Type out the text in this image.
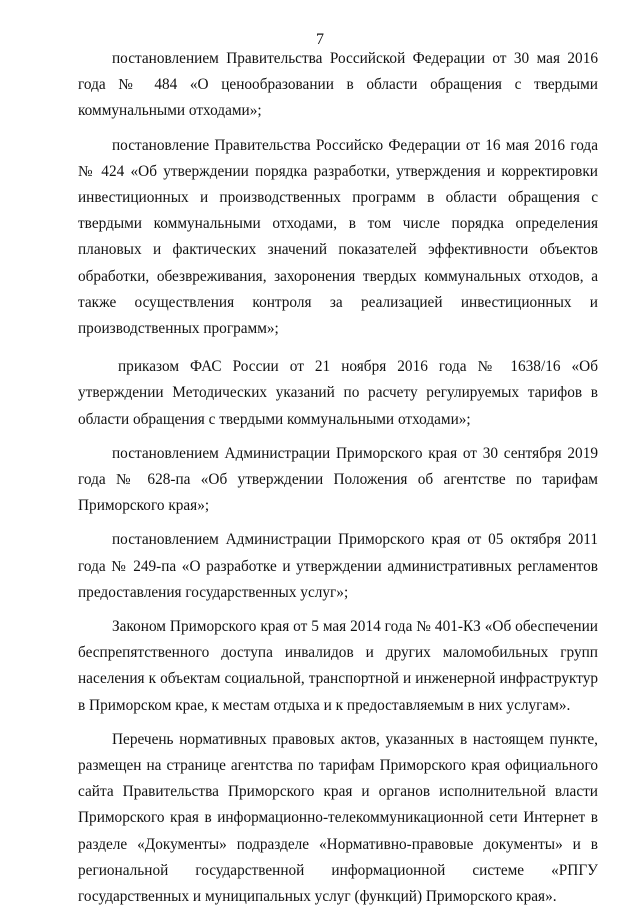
7

постановлением Правительства Российской Федерации от 30 мая 2016 года № 484 «О ценообразовании в области обращения с твердыми коммунальными отходами»;

постановление Правительства Российско Федерации от 16 мая 2016 года № 424 «Об утверждении порядка разработки, утверждения и корректировки инвестиционных и производственных программ в области обращения с твердыми коммунальными отходами, в том числе порядка определения плановых и фактических значений показателей эффективности объектов обработки, обезвреживания, захоронения твердых коммунальных отходов, а также осуществления контроля за реализацией инвестиционных и производственных программ»;

приказом ФАС России от 21 ноября 2016 года № 1638/16 «Об утверждении Методических указаний по расчету регулируемых тарифов в области обращения с твердыми коммунальными отходами»;

постановлением Администрации Приморского края от 30 сентября 2019 года № 628-па «Об утверждении Положения об агентстве по тарифам Приморского края»;

постановлением Администрации Приморского края от 05 октября 2011 года № 249-па «О разработке и утверждении административных регламентов предоставления государственных услуг»;

Законом Приморского края от 5 мая 2014 года № 401-КЗ «Об обеспечении беспрепятственного доступа инвалидов и других маломобильных групп населения к объектам социальной, транспортной и инженерной инфраструктур в Приморском крае, к местам отдыха и к предоставляемым в них услугам».

Перечень нормативных правовых актов, указанных в настоящем пункте, размещен на странице агентства по тарифам Приморского края официального сайта Правительства Приморского края и органов исполнительной власти Приморского края в информационно-телекоммуникационной сети Интернет в разделе «Документы» подразделе «Нормативно-правовые документы» и в региональной государственной информационной системе «РПГУ государственных и муниципальных услуг (функций) Приморского края».
